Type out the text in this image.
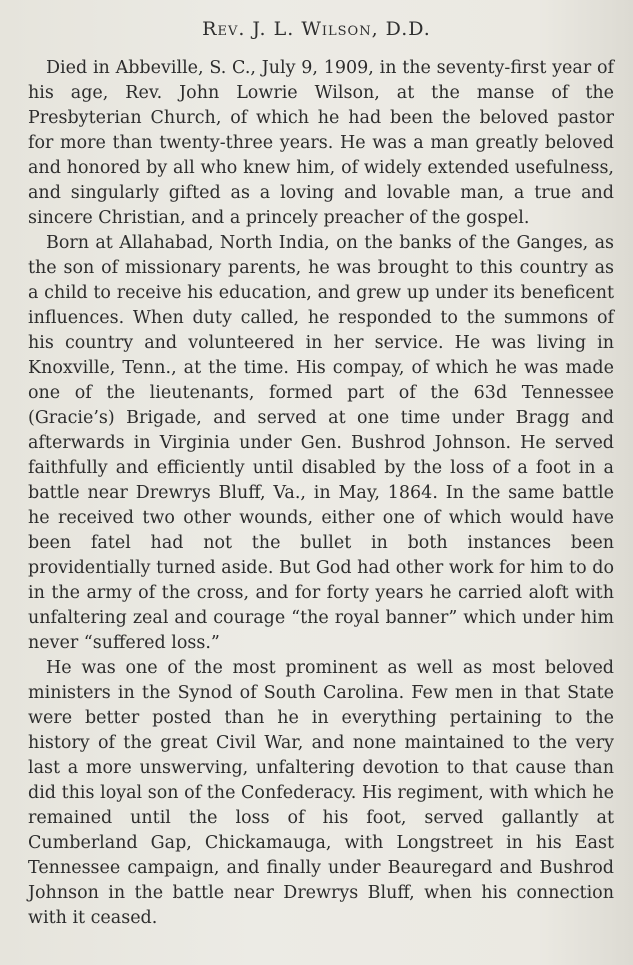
Rev. J. L. Wilson, D.D.

Died in Abbeville, S. C., July 9, 1909, in the seventy-first year of his age, Rev. John Lowrie Wilson, at the manse of the Presbyterian Church, of which he had been the beloved pastor for more than twenty-three years. He was a man greatly beloved and honored by all who knew him, of widely extended usefulness, and singularly gifted as a loving and lovable man, a true and sincere Christian, and a princely preacher of the gospel.

Born at Allahabad, North India, on the banks of the Ganges, as the son of missionary parents, he was brought to this country as a child to receive his education, and grew up under its beneficent influences. When duty called, he responded to the summons of his country and volunteered in her service. He was living in Knoxville, Tenn., at the time. His compay, of which he was made one of the lieutenants, formed part of the 63d Tennessee (Gracie’s) Brigade, and served at one time under Bragg and afterwards in Virginia under Gen. Bushrod Johnson. He served faithfully and efficiently until disabled by the loss of a foot in a battle near Drewrys Bluff, Va., in May, 1864. In the same battle he received two other wounds, either one of which would have been fatel had not the bullet in both instances been providentially turned aside. But God had other work for him to do in the army of the cross, and for forty years he carried aloft with unfaltering zeal and courage “the royal banner” which under him never “suffered loss.”

He was one of the most prominent as well as most beloved ministers in the Synod of South Carolina. Few men in that State were better posted than he in everything pertaining to the history of the great Civil War, and none maintained to the very last a more unswerving, unfaltering devotion to that cause than did this loyal son of the Confederacy. His regiment, with which he remained until the loss of his foot, served gallantly at Cumberland Gap, Chickamauga, with Longstreet in his East Tennessee campaign, and finally under Beauregard and Bushrod Johnson in the battle near Drewrys Bluff, when his connection with it ceased.
